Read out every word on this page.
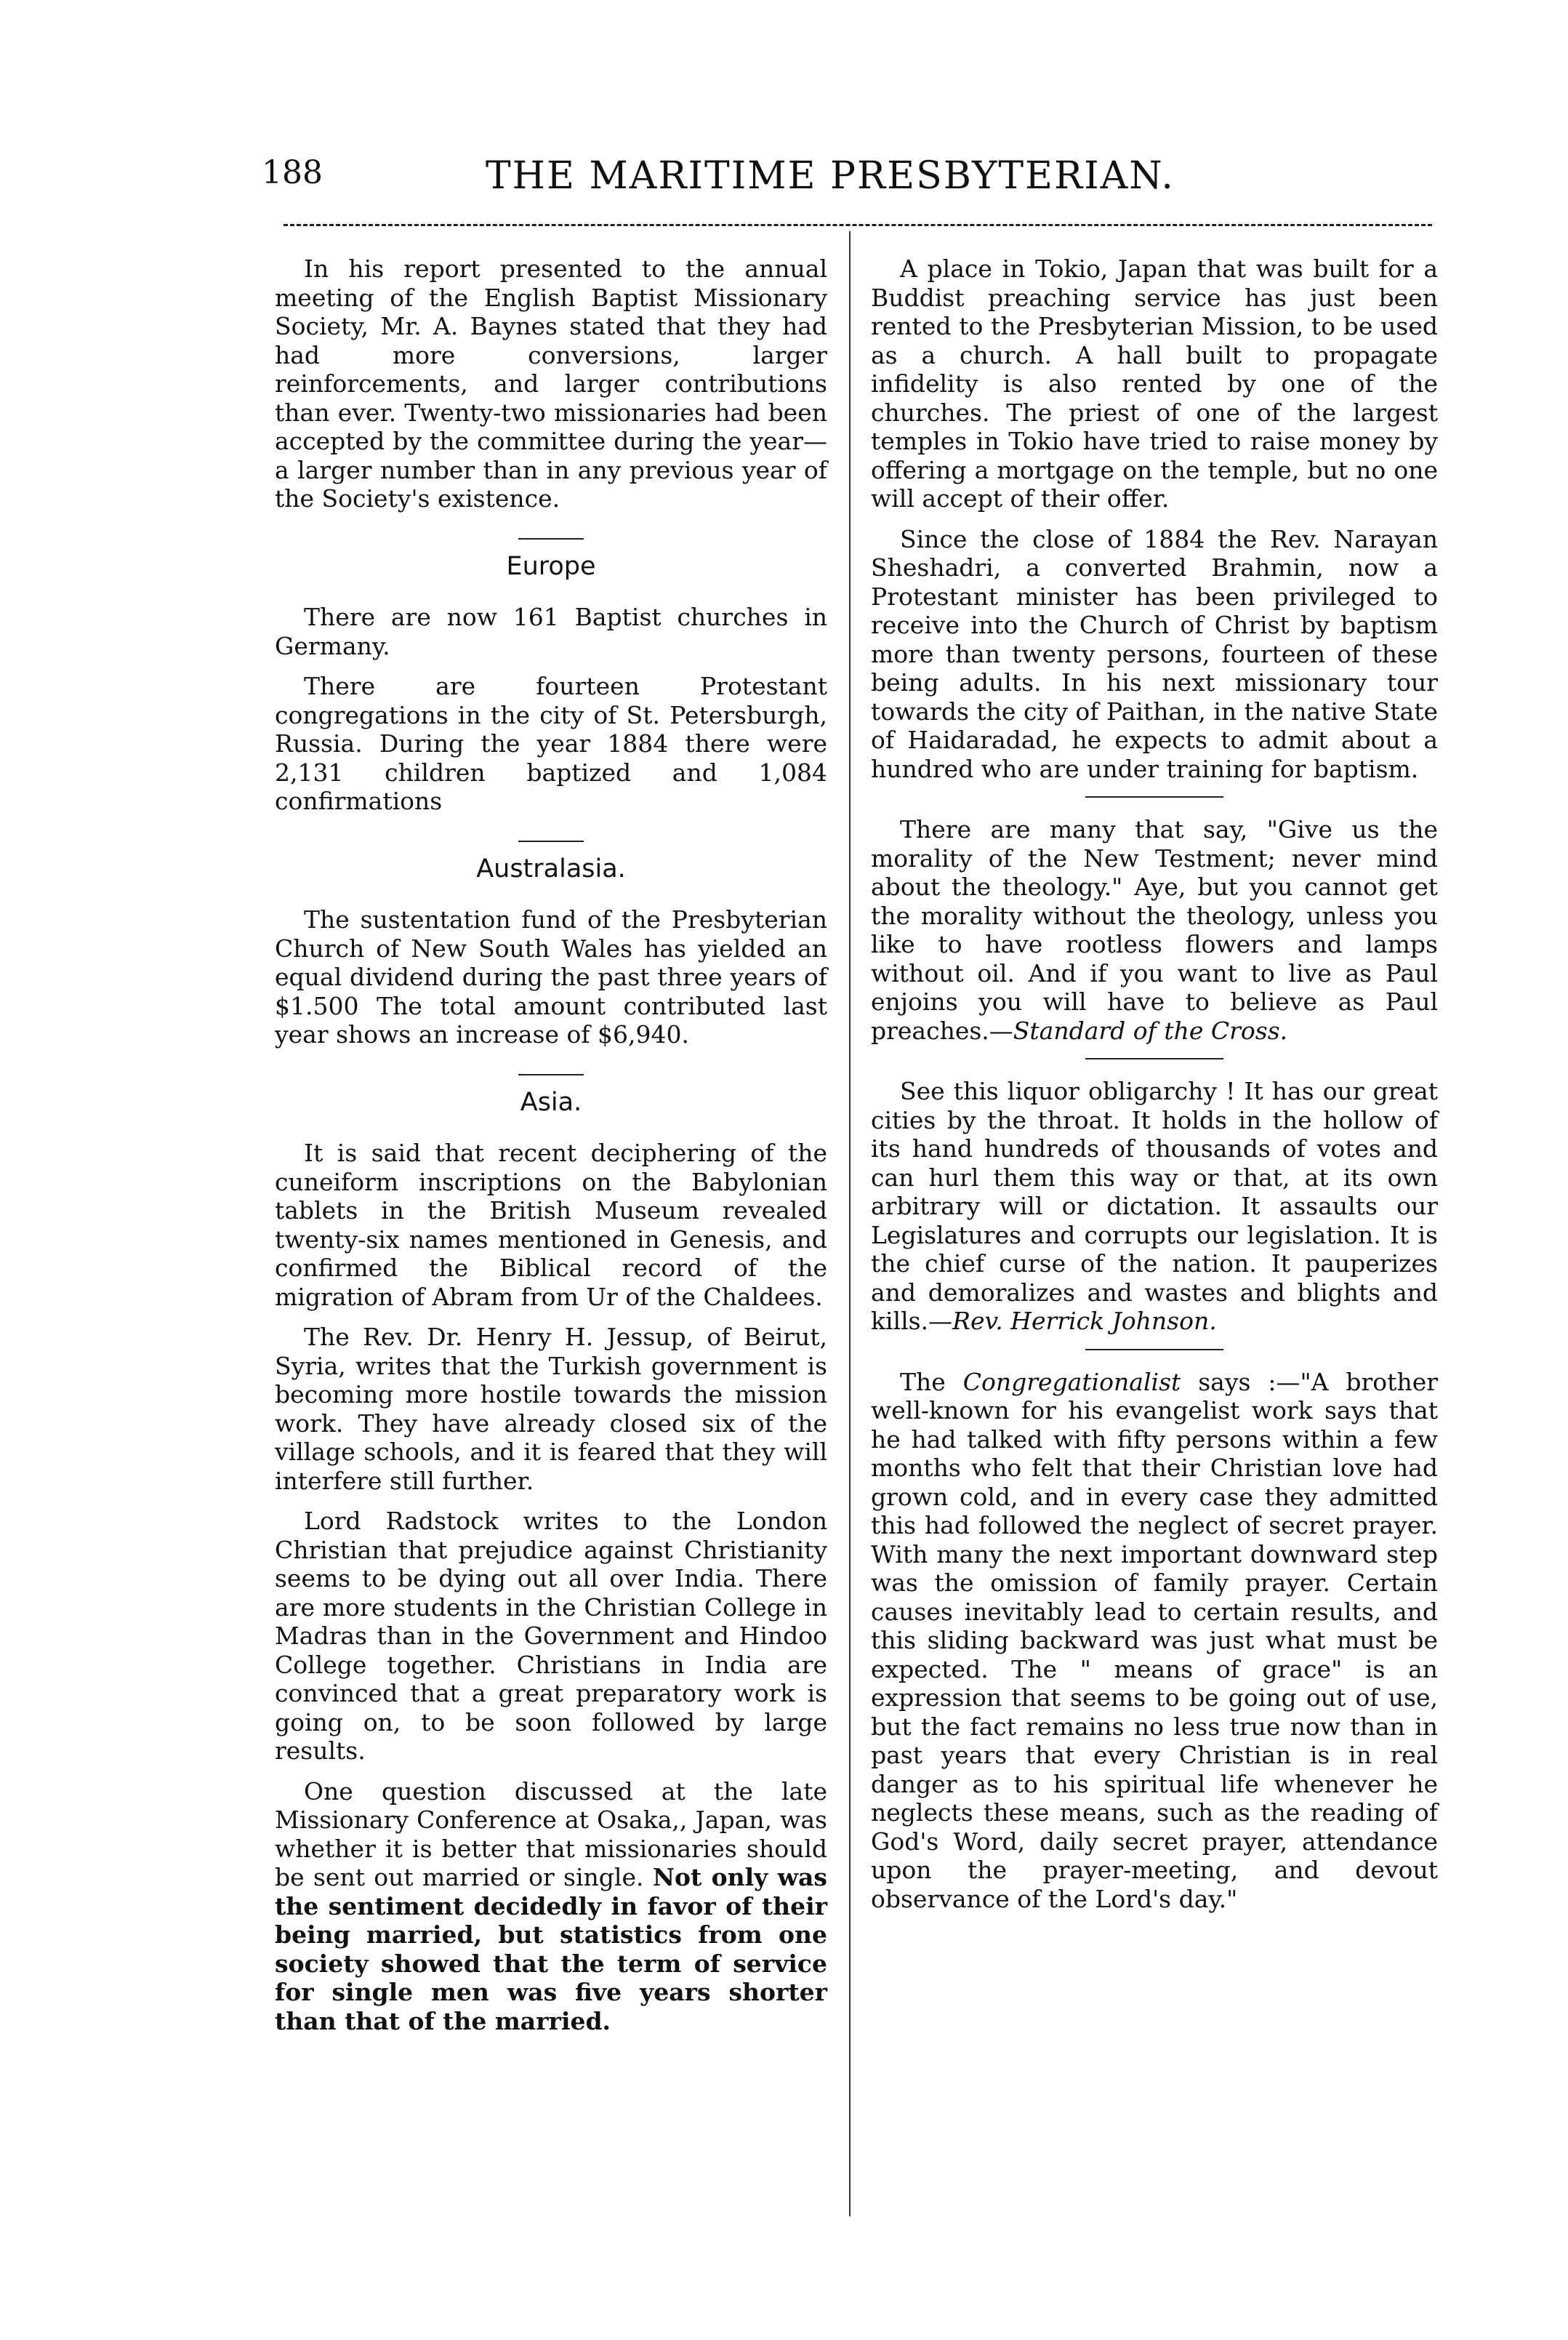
188	THE MARITIME PRESBYTERIAN.

In his report presented to the annual meeting of the English Baptist Missionary Society, Mr. A. Baynes stated that they had had more conversions, larger reinforcements, and larger contributions than ever. Twenty-two missionaries had been accepted by the committee during the year—a larger number than in any previous year of the Society's existence.

Europe

There are now 161 Baptist churches in Germany.

There are fourteen Protestant congregations in the city of St. Petersburgh, Russia. During the year 1884 there were 2,131 children baptized and 1,084 confirmations

Australasia.

The sustentation fund of the Presbyterian Church of New South Wales has yielded an equal dividend during the past three years of $1.500 The total amount contributed last year shows an increase of $6,940.

Asia.

It is said that recent deciphering of the cuneiform inscriptions on the Babylonian tablets in the British Museum revealed twenty-six names mentioned in Genesis, and confirmed the Biblical record of the migration of Abram from Ur of the Chaldees.

The Rev. Dr. Henry H. Jessup, of Beirut, Syria, writes that the Turkish government is becoming more hostile towards the mission work. They have already closed six of the village schools, and it is feared that they will interfere still further.

Lord Radstock writes to the London Christian that prejudice against Christianity seems to be dying out all over India. There are more students in the Christian College in Madras than in the Government and Hindoo College together. Christians in India are convinced that a great preparatory work is going on, to be soon followed by large results.

One question discussed at the late Missionary Conference at Osaka,, Japan, was whether it is better that missionaries should be sent out married or single. Not only was the sentiment decidedly in favor of their being married, but statistics from one society showed that the term of service for single men was five years shorter than that of the married.

A place in Tokio, Japan that was built for a Buddist preaching service has just been rented to the Presbyterian Mission, to be used as a church. A hall built to propagate infidelity is also rented by one of the churches. The priest of one of the largest temples in Tokio have tried to raise money by offering a mortgage on the temple, but no one will accept of their offer.

Since the close of 1884 the Rev. Narayan Sheshadri, a converted Brahmin, now a Protestant minister has been privileged to receive into the Church of Christ by baptism more than twenty persons, fourteen of these being adults. In his next missionary tour towards the city of Paithan, in the native State of Haidaradad, he expects to admit about a hundred who are under training for baptism.

There are many that say, "Give us the morality of the New Testment; never mind about the theology." Aye, but you cannot get the morality without the theology, unless you like to have rootless flowers and lamps without oil. And if you want to live as Paul enjoins you will have to believe as Paul preaches.—Standard of the Cross.

See this liquor obligarchy ! It has our great cities by the throat. It holds in the hollow of its hand hundreds of thousands of votes and can hurl them this way or that, at its own arbitrary will or dictation. It assaults our Legislatures and corrupts our legislation. It is the chief curse of the nation. It pauperizes and demoralizes and wastes and blights and kills.—Rev. Herrick Johnson.

The Congregationalist says :—"A brother well-known for his evangelist work says that he had talked with fifty persons within a few months who felt that their Christian love had grown cold, and in every case they admitted this had followed the neglect of secret prayer. With many the next important downward step was the omission of family prayer. Certain causes inevitably lead to certain results, and this sliding backward was just what must be expected. The " means of grace" is an expression that seems to be going out of use, but the fact remains no less true now than in past years that every Christian is in real danger as to his spiritual life whenever he neglects these means, such as the reading of God's Word, daily secret prayer, attendance upon the prayer-meeting, and devout observance of the Lord's day."
